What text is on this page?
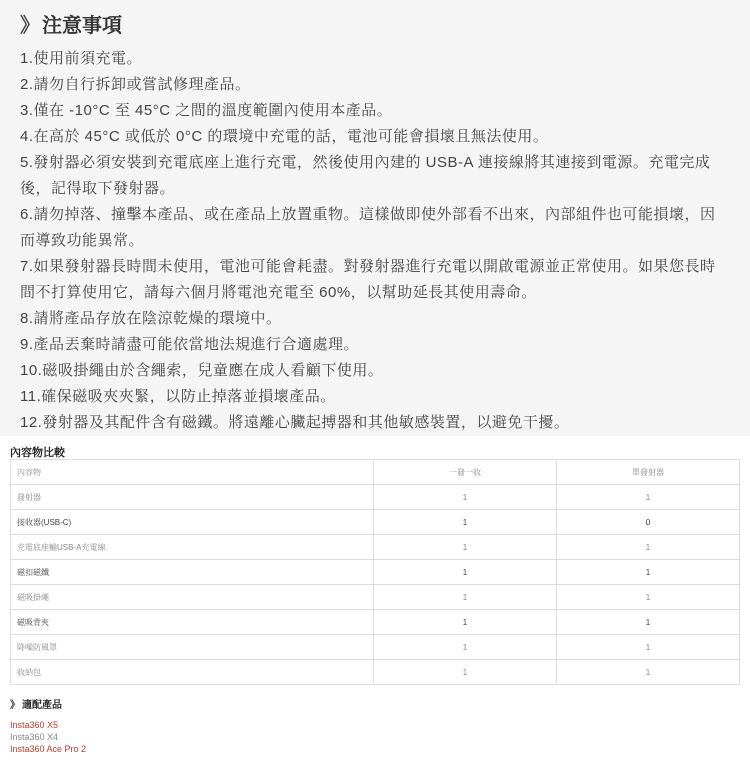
》 注意事項
1.使用前須充電。
2.請勿自行拆卸或嘗試修理產品。
3.僅在 -10°C 至 45°C 之間的溫度範圍內使用本產品。
4.在高於 45°C 或低於 0°C 的環境中充電的話，電池可能會損壞且無法使用。
5.發射器必須安裝到充電底座上進行充電，然後使用內建的 USB-A 連接線將其連接到電源。充電完成後，記得取下發射器。
6.請勿掉落、撞擊本產品、或在產品上放置重物。這樣做即使外部看不出來，內部組件也可能損壞，因而導致功能異常。
7.如果發射器長時間未使用，電池可能會耗盡。對發射器進行充電以開啟電源並正常使用。如果您長時間不打算使用它，請每六個月將電池充電至 60%，以幫助延長其使用壽命。
8.請將產品存放在陰涼乾燥的環境中。
9.產品丟棄時請盡可能依當地法規進行合適處理。
10.磁吸掛繩由於含繩索，兒童應在成人看顧下使用。
11.確保磁吸夾夾緊，以防止掉落並損壞產品。
12.發射器及其配件含有磁鐵。將遠離心臟起搏器和其他敏感裝置，以避免干擾。
內容物比較
內容物	一發一收	單發射器
發射器	1	1
接收器(USB-C)	1	0
充電底座輸USB-A充電線	1	1
磁扣磁鐵	1	1
磁吸掛繩	1	1
磁吸背夾	1	1
降噪防風罩	1	1
收納包	1	1
》 適配產品
Insta360 X5
Insta360 X4
Insta360 Ace Pro 2
